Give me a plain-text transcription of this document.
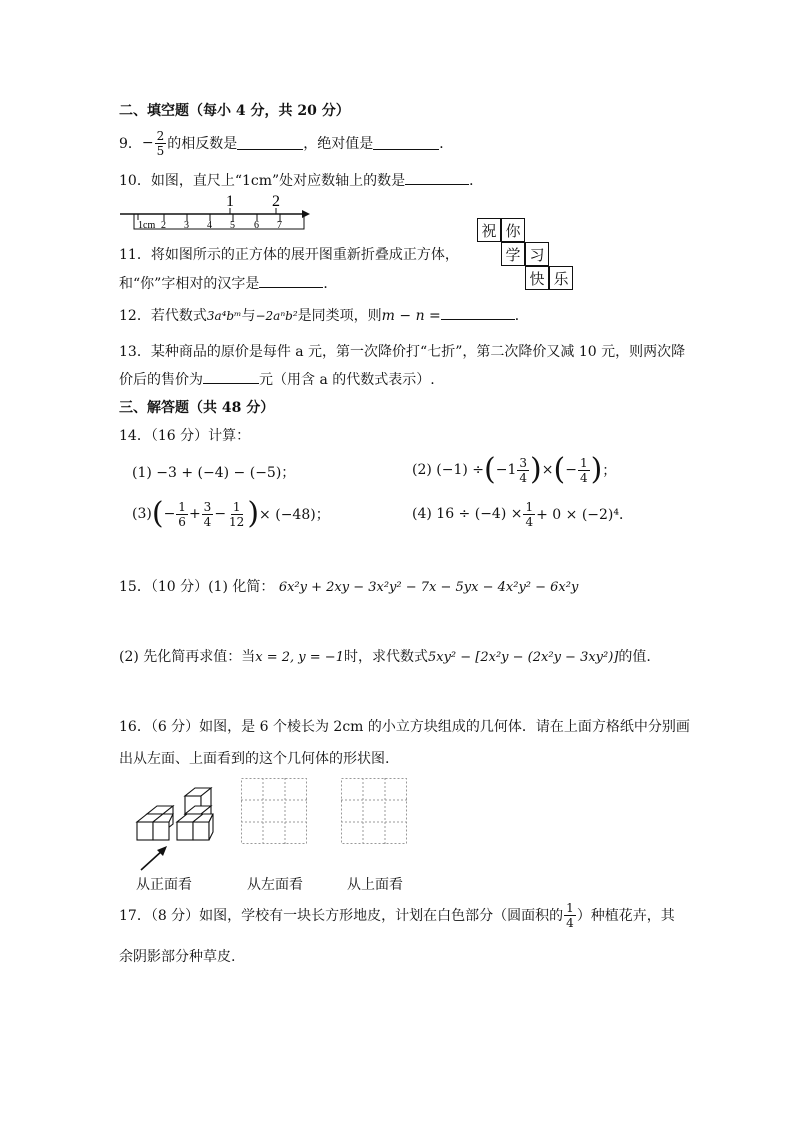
二、填空题（每小 4 分，共 20 分）
9． − $\frac{2}{5}$ 的相反数是	，绝对值是	．
10．如图，直尺上“1cm”处对应数轴上的数是	．
1 2
1cm 2 3 4 5 6 7
11．将如图所示的正方体的展开图重新折叠成正方体，
和“你”字相对的汉字是	．
祝 你
学 习
快 乐
12．若代数式3a⁴bᵐ与−2aⁿb²是同类项，则m − n =	．
13．某种商品的原价是每件 a 元，第一次降价打“七折”，第二次降价又减 10 元，则两次降
价后的售价为	元（用含 a 的代数式表示）.
三、解答题（共 48 分）
14．（16 分）计算：
(1) −3 + (−4) − (−5)；	(2) (−1) ÷ ( $-1 \frac{3}{4}$ ) × ( − $\frac{1}{4}$ ) ；
(3) ( − $\frac{1}{6} + \frac{3}{4} - \frac{1}{12}$ ) × (−48)；	(4) $16 \div (-4) \times \frac{1}{4} + 0 \times (-2)^4$．
15．（10 分）(1) 化简： 6x²y + 2xy − 3x²y² − 7x − 5yx − 4x²y² − 6x²y
(2) 先化简再求值：当x = 2, y = −1时，求代数式5xy² − [2x²y − (2x²y − 3xy²)]的值.
16．（6 分）如图，是 6 个棱长为 2cm 的小立方块组成的几何体．请在上面方格纸中分别画
出从左面、上面看到的这个几何体的形状图.
从正面看	从左面看	从上面看
17．（8 分）如图，学校有一块长方形地皮，计划在白色部分（圆面积的 $\frac{1}{4}$ ）种植花卉，其
余阴影部分种草皮.
